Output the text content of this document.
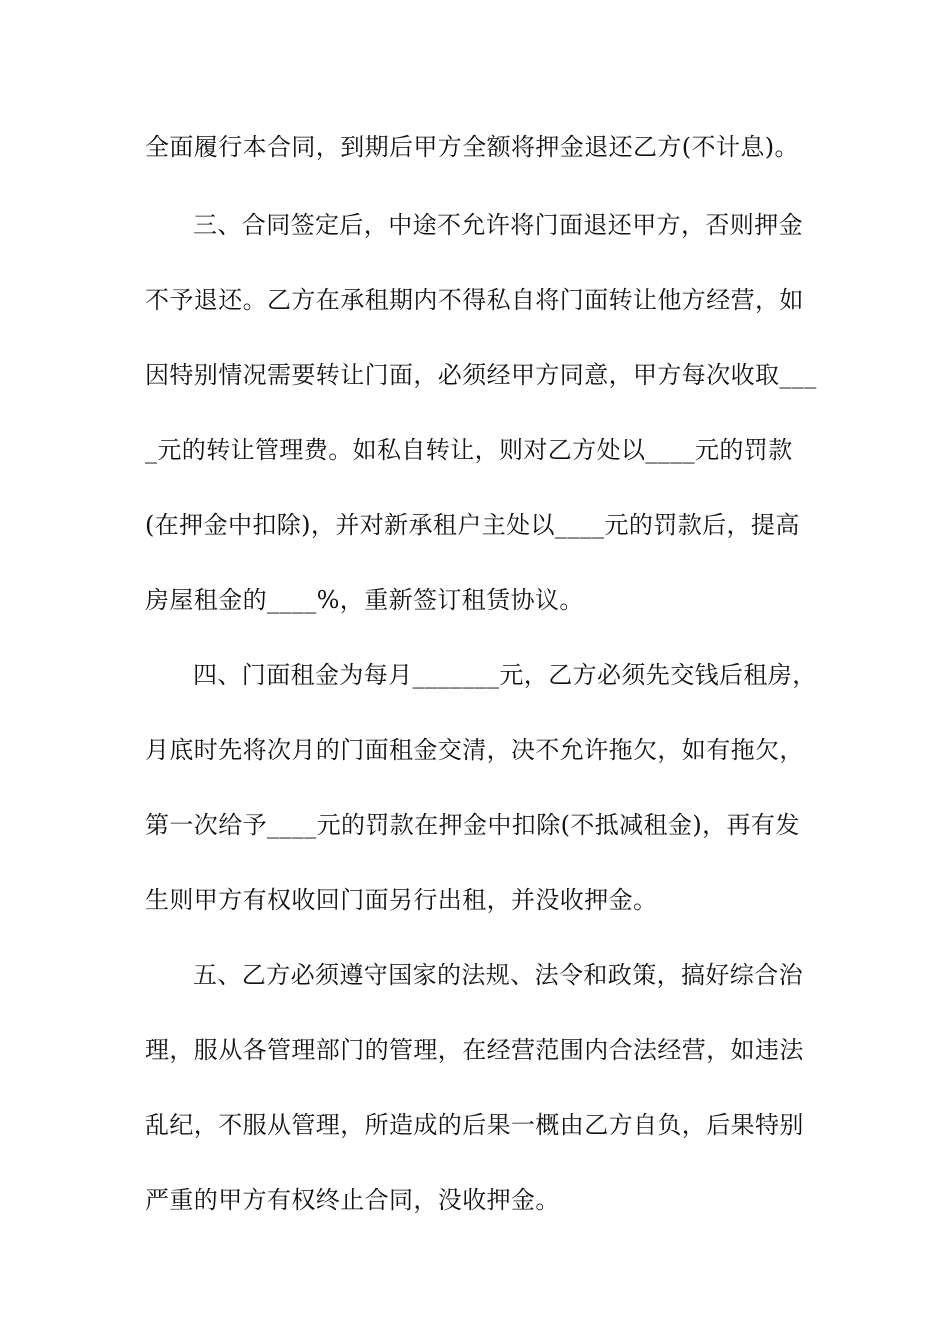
全面履行本合同，到期后甲方全额将押金退还乙方(不计息)。
三、合同签定后，中途不允许将门面退还甲方，否则押金
不予退还。乙方在承租期内不得私自将门面转让他方经营，如
因特别情况需要转让门面，必须经甲方同意，甲方每次收取___
_元的转让管理费。如私自转让，则对乙方处以____元的罚款
(在押金中扣除)，并对新承租户主处以____元的罚款后，提高
房屋租金的____%，重新签订租赁协议。
四、门面租金为每月_______元，乙方必须先交钱后租房，
月底时先将次月的门面租金交清，决不允许拖欠，如有拖欠，
第一次给予____元的罚款在押金中扣除(不抵减租金)，再有发
生则甲方有权收回门面另行出租，并没收押金。
五、乙方必须遵守国家的法规、法令和政策，搞好综合治
理，服从各管理部门的管理，在经营范围内合法经营，如违法
乱纪，不服从管理，所造成的后果一概由乙方自负，后果特别
严重的甲方有权终止合同，没收押金。
